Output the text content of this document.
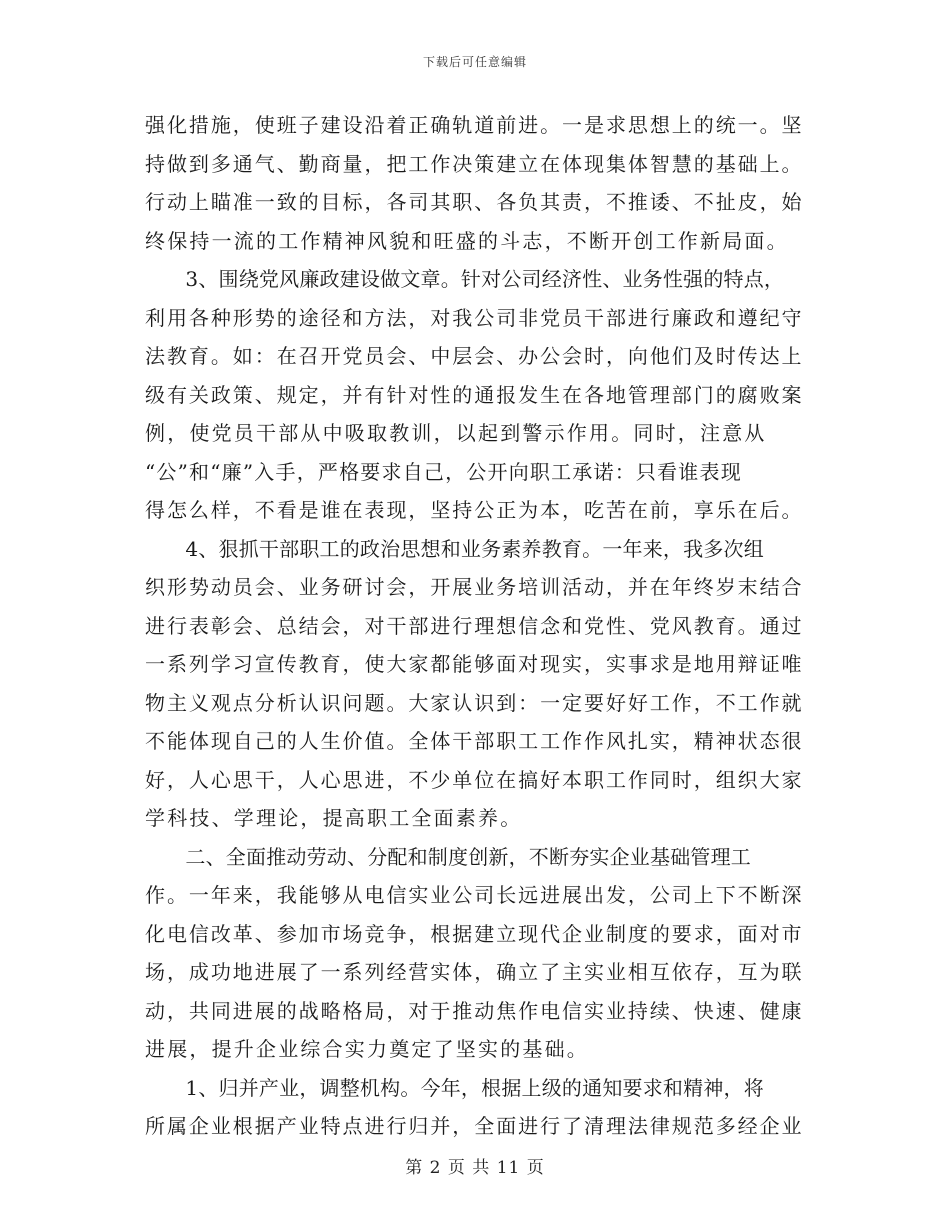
下载后可任意编辑
强化措施，使班子建设沿着正确轨道前进。一是求思想上的统一。坚
持做到多通气、勤商量，把工作决策建立在体现集体智慧的基础上。
行动上瞄准一致的目标，各司其职、各负其责，不推诿、不扯皮，始
终保持一流的工作精神风貌和旺盛的斗志，不断开创工作新局面。
　　3、围绕党风廉政建设做文章。针对公司经济性、业务性强的特点，
利用各种形势的途径和方法，对我公司非党员干部进行廉政和遵纪守
法教育。如：在召开党员会、中层会、办公会时，向他们及时传达上
级有关政策、规定，并有针对性的通报发生在各地管理部门的腐败案
例，使党员干部从中吸取教训，以起到警示作用。同时，注意从
“公”和“廉”入手，严格要求自己，公开向职工承诺：只看谁表现
得怎么样，不看是谁在表现，坚持公正为本，吃苦在前，享乐在后。
　　4、狠抓干部职工的政治思想和业务素养教育。一年来，我多次组
织形势动员会、业务研讨会，开展业务培训活动，并在年终岁末结合
进行表彰会、总结会，对干部进行理想信念和党性、党风教育。通过
一系列学习宣传教育，使大家都能够面对现实，实事求是地用辩证唯
物主义观点分析认识问题。大家认识到：一定要好好工作，不工作就
不能体现自己的人生价值。全体干部职工工作作风扎实，精神状态很
好，人心思干，人心思进，不少单位在搞好本职工作同时，组织大家
学科技、学理论，提高职工全面素养。
　　二、全面推动劳动、分配和制度创新，不断夯实企业基础管理工
作。一年来，我能够从电信实业公司长远进展出发，公司上下不断深
化电信改革、参加市场竞争，根据建立现代企业制度的要求，面对市
场，成功地进展了一系列经营实体，确立了主实业相互依存，互为联
动，共同进展的战略格局，对于推动焦作电信实业持续、快速、健康
进展，提升企业综合实力奠定了坚实的基础。
　　1、归并产业，调整机构。今年，根据上级的通知要求和精神，将
所属企业根据产业特点进行归并，全面进行了清理法律规范多经企业
第 2 页 共 11 页
